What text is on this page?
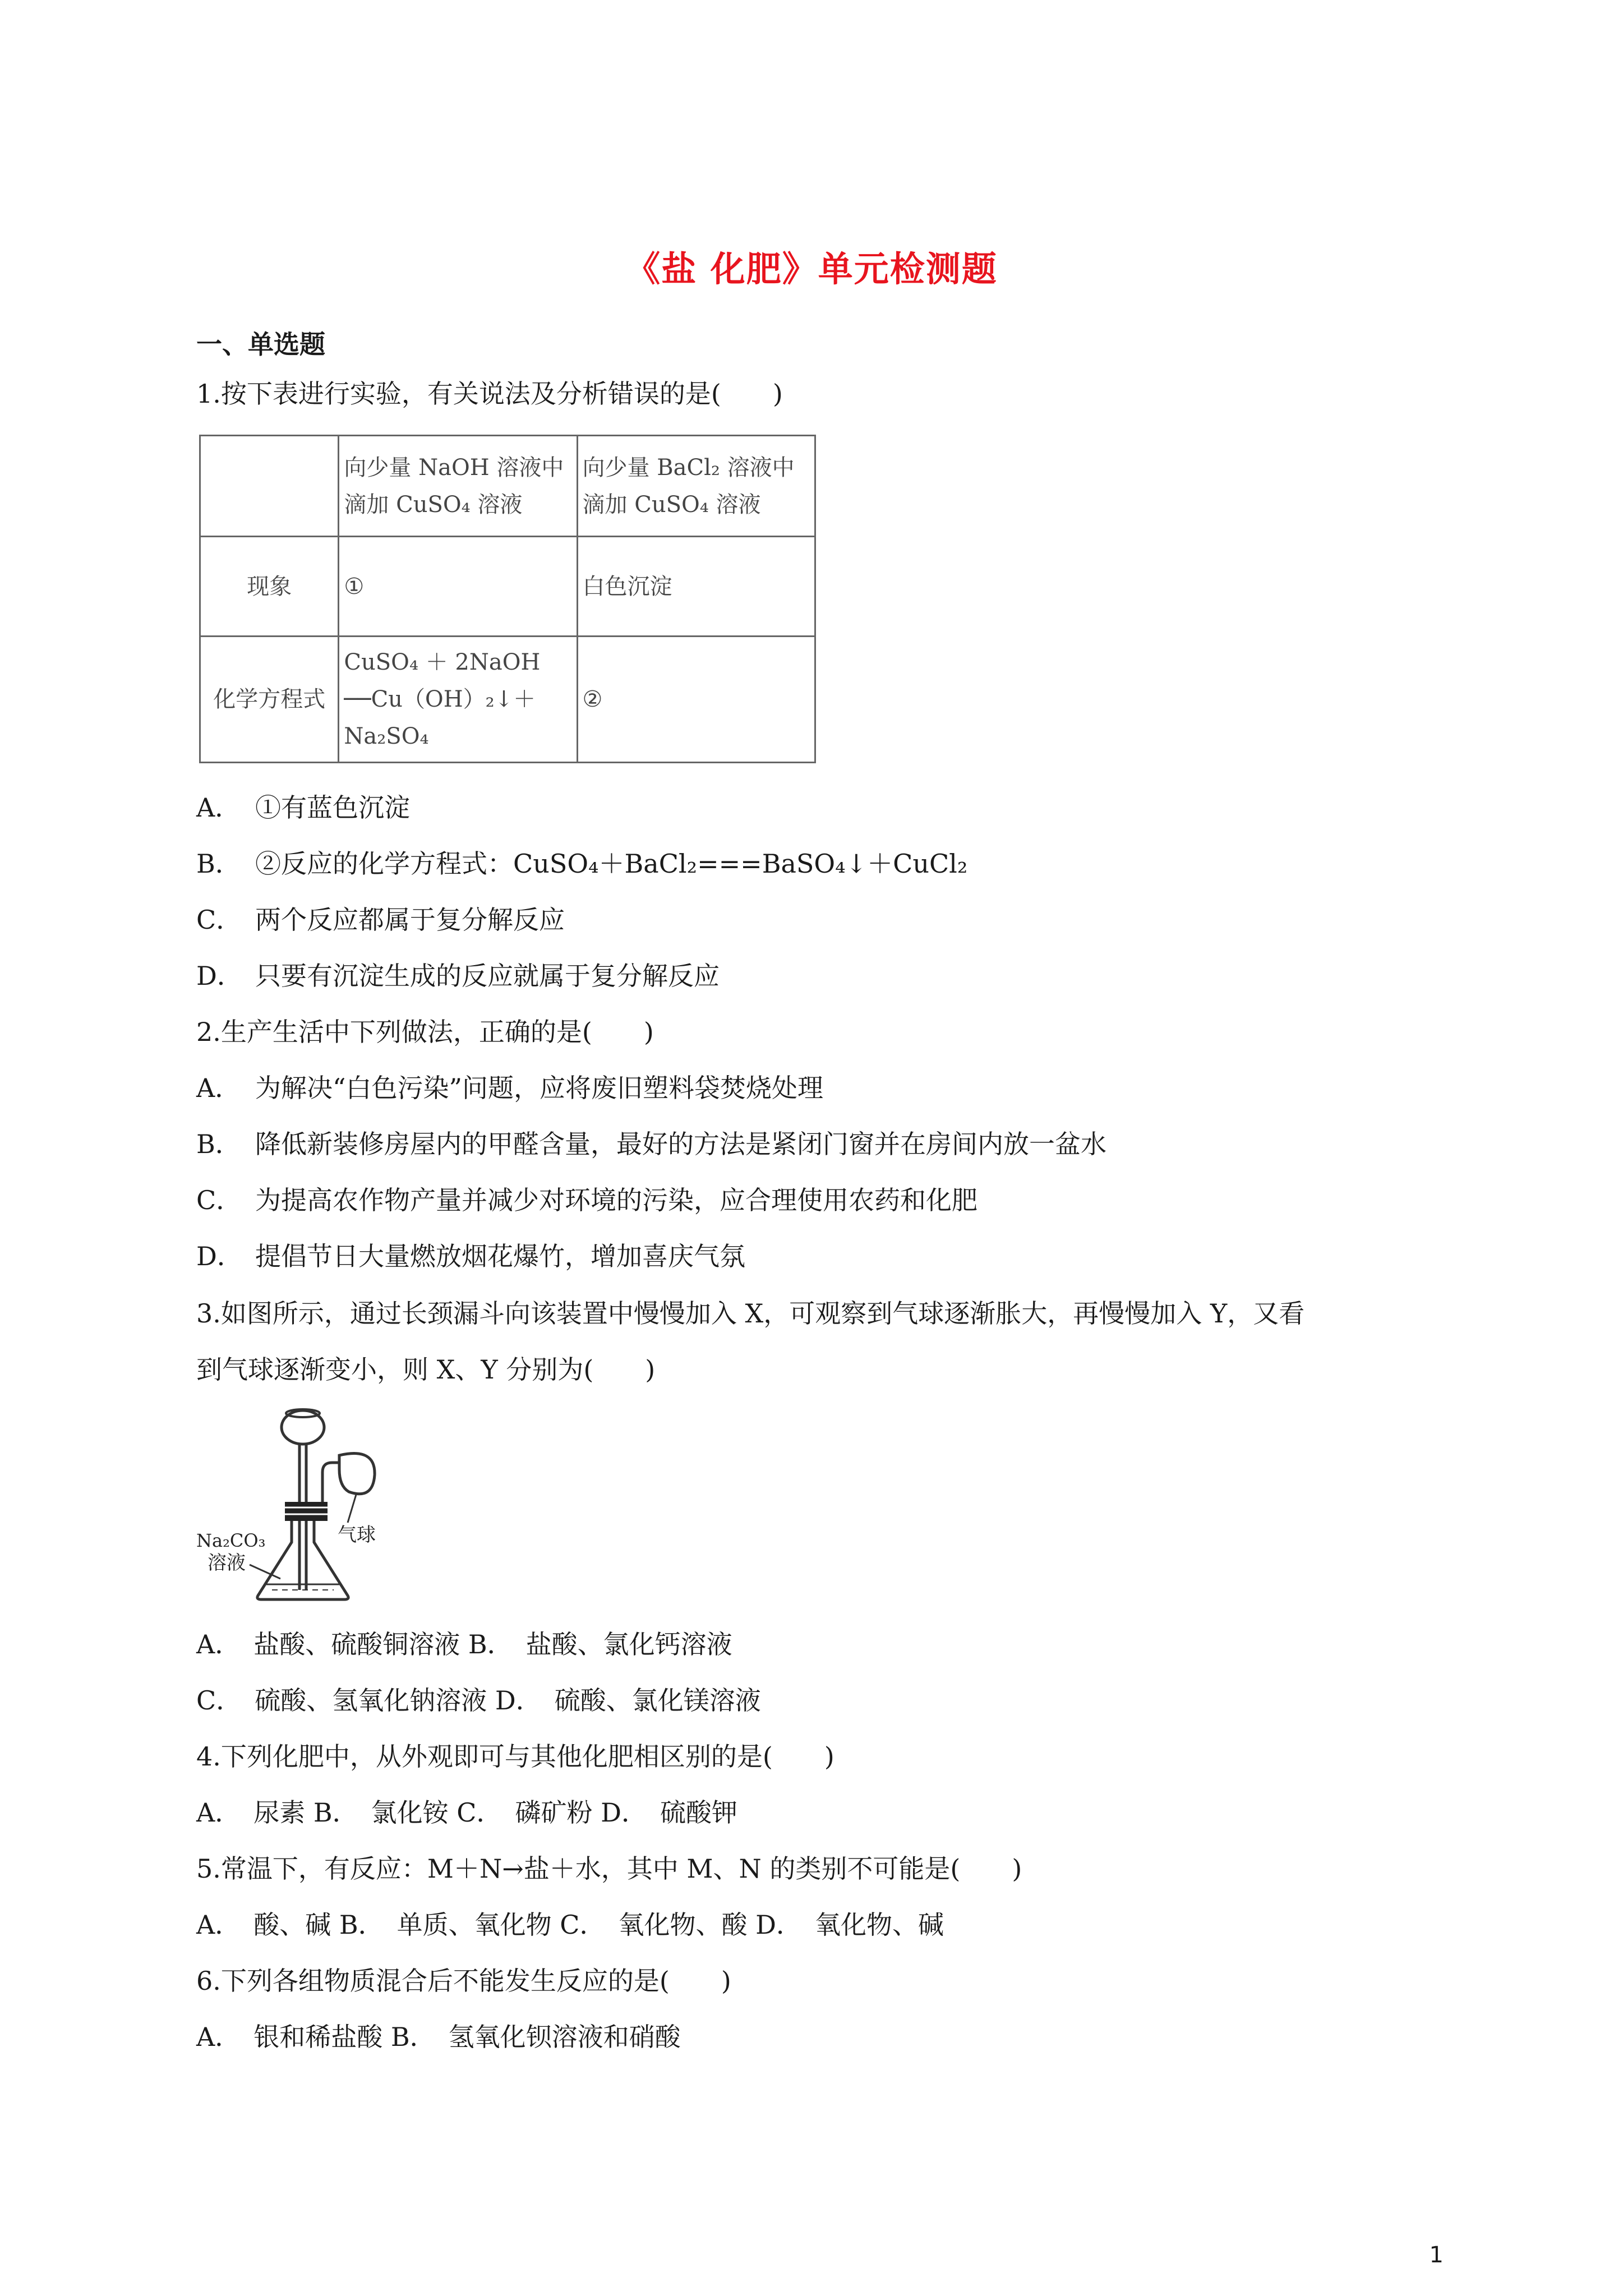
《盐 化肥》单元检测题
一、单选题
1.按下表进行实验，有关说法及分析错误的是(　　)
	向少量 NaOH 溶液中滴加 CuSO₄ 溶液	向少量 BaCl₂ 溶液中滴加 CuSO₄ 溶液
现象	①	白色沉淀
化学方程式	CuSO₄ ＋ 2NaOH
──Cu（OH）₂↓＋
Na₂SO₄	②
A． ①有蓝色沉淀
B． ②反应的化学方程式：CuSO₄＋BaCl₂===BaSO₄↓＋CuCl₂
C． 两个反应都属于复分解反应
D． 只要有沉淀生成的反应就属于复分解反应
2.生产生活中下列做法，正确的是(　　)
A． 为解决“白色污染”问题，应将废旧塑料袋焚烧处理
B． 降低新装修房屋内的甲醛含量，最好的方法是紧闭门窗并在房间内放一盆水
C． 为提高农作物产量并减少对环境的污染，应合理使用农药和化肥
D． 提倡节日大量燃放烟花爆竹，增加喜庆气氛
3.如图所示，通过长颈漏斗向该装置中慢慢加入 X，可观察到气球逐渐胀大，再慢慢加入 Y，又看
到气球逐渐变小，则 X、Y 分别为(　　)
Na₂CO₃
溶液
气球
A．　盐酸、硫酸铜溶液 B．　盐酸、氯化钙溶液
C．　硫酸、氢氧化钠溶液 D．　硫酸、氯化镁溶液
4.下列化肥中，从外观即可与其他化肥相区别的是(　　)
A．　尿素 B．　氯化铵 C．　磷矿粉 D．　硫酸钾
5.常温下，有反应：M＋N→盐＋水，其中 M、N 的类别不可能是(　　)
A．　酸、碱 B．　单质、氧化物 C．　氧化物、酸 D．　氧化物、碱
6.下列各组物质混合后不能发生反应的是(　　)
A．　银和稀盐酸 B．　氢氧化钡溶液和硝酸
1
